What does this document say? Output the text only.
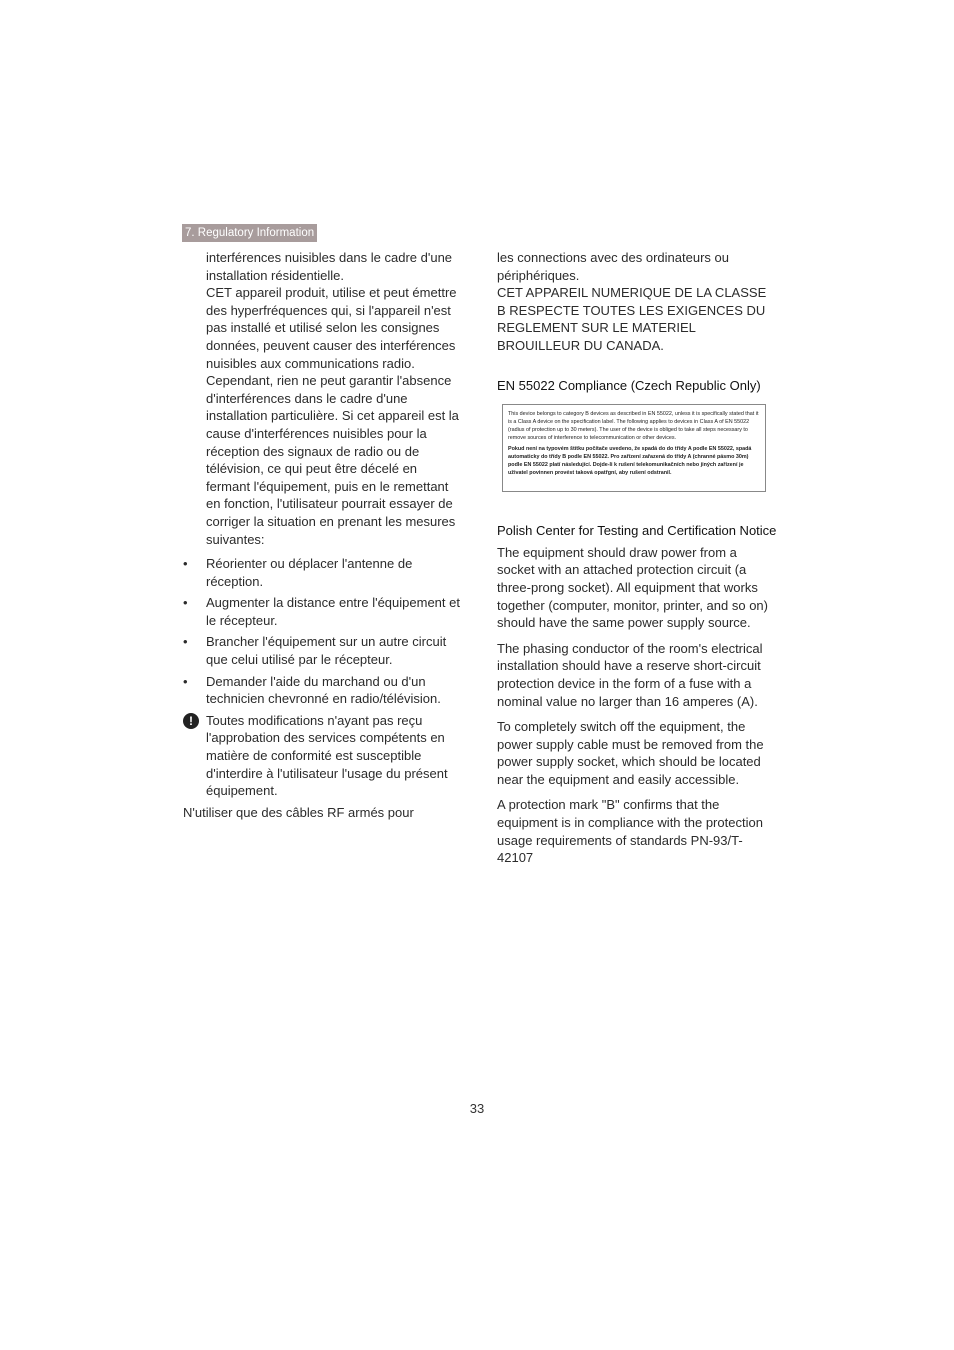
7. Regulatory Information

interférences nuisibles dans le cadre d'une installation résidentielle.

CET appareil produit, utilise et peut émettre des hyperfréquences qui, si l'appareil n'est pas installé et utilisé selon les consignes données, peuvent causer des interférences nuisibles aux communications radio.

Cependant, rien ne peut garantir l'absence d'interférences dans le cadre d'une installation particulière. Si cet appareil est la cause d'interférences nuisibles pour la réception des signaux de radio ou de télévision, ce qui peut être décelé en fermant l'équipement, puis en le remettant en fonction, l'utilisateur pourrait essayer de corriger la situation en prenant les mesures suivantes:

• Réorienter ou déplacer l'antenne de réception.
• Augmenter la distance entre l'équipement et le récepteur.
• Brancher l'équipement sur un autre circuit que celui utilisé par le récepteur.
• Demander l'aide du marchand ou d'un technicien chevronné en radio/télévision.
!	Toutes modifications n'ayant pas reçu l'approbation des services compétents en matière de conformité est susceptible d'interdire à l'utilisateur l'usage du présent équipement.

N'utiliser que des câbles RF armés pour

les connections avec des ordinateurs ou périphériques.

CET APPAREIL NUMERIQUE DE LA CLASSE B RESPECTE TOUTES LES EXIGENCES DU REGLEMENT SUR LE MATERIEL BROUILLEUR DU CANADA.

EN 55022 Compliance (Czech Republic Only)

This device belongs to category B devices as described in EN 55022, unless it is specifically stated that it is a Class A device on the specification label. The following applies to devices in Class A of EN 55022 (radius of protection up to 30 meters). The user of the device is obliged to take all steps necessary to remove sources of interference to telecommunication or other devices.
Pokud není na typovém štítku počítače uvedeno, že spadá do do třídy A podle EN 55022, spadá automaticky do třídy B podle EN 55022. Pro zařízení zařazená do třídy A (chranné pásmo 30m) podle EN 55022 platí následující. Dojde-li k rušení telekomunikačních nebo jiných zařízení je uživatel povinnen provést taková opatřgní, aby rušení odstranil.

Polish Center for Testing and Certification Notice

The equipment should draw power from a socket with an attached protection circuit (a three-prong socket). All equipment that works together (computer, monitor, printer, and so on) should have the same power supply source.

The phasing conductor of the room's electrical installation should have a reserve short-circuit protection device in the form of a fuse with a nominal value no larger than 16 amperes (A).

To completely switch off the equipment, the power supply cable must be removed from the power supply socket, which should be located near the equipment and easily accessible.

A protection mark "B" confirms that the equipment is in compliance with the protection usage requirements of standards PN-93/T-42107

33
